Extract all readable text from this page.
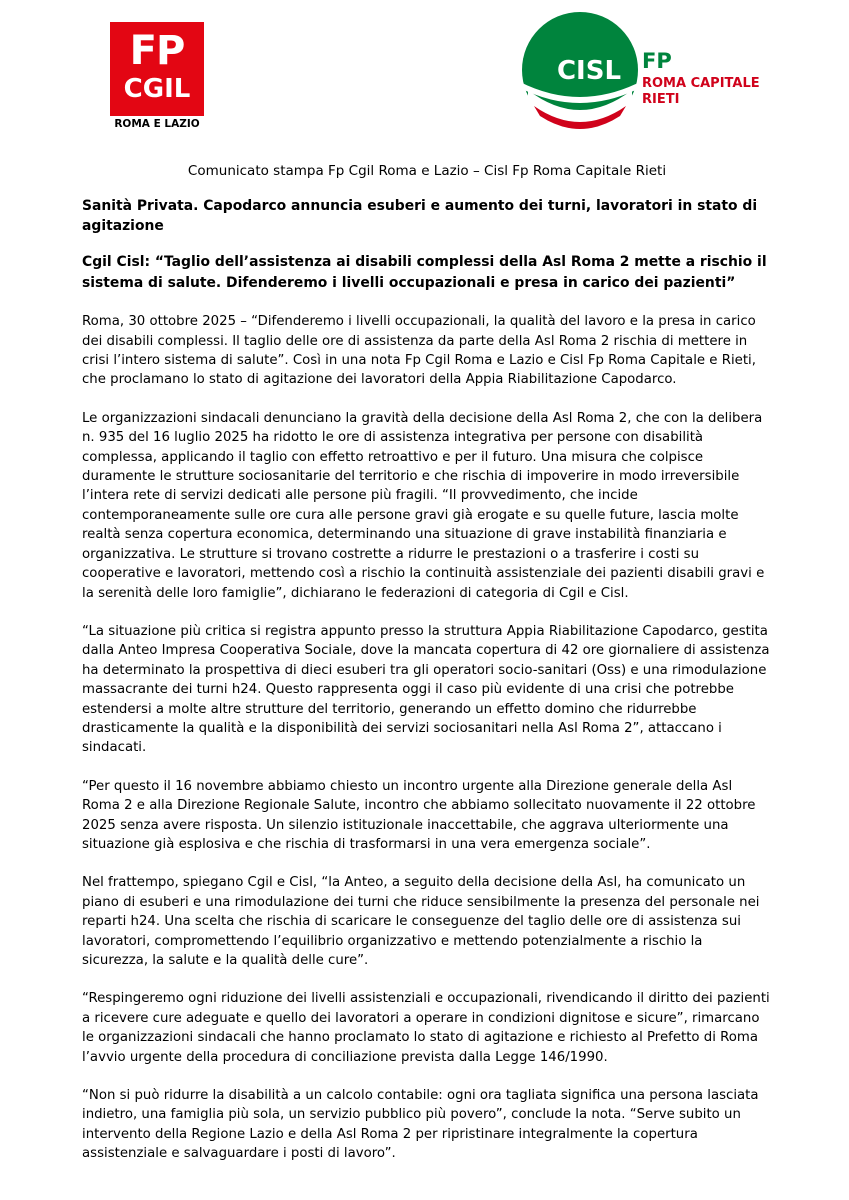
FP
CGIL
ROMA E LAZIO
CISL FP
ROMA CAPITALE
RIETI

Comunicato stampa Fp Cgil Roma e Lazio – Cisl Fp Roma Capitale Rieti

Sanità Privata. Capodarco annuncia esuberi e aumento dei turni, lavoratori in stato di agitazione

Cgil Cisl: “Taglio dell’assistenza ai disabili complessi della Asl Roma 2 mette a rischio il sistema di salute. Difenderemo i livelli occupazionali e presa in carico dei pazienti”

Roma, 30 ottobre 2025 – “Difenderemo i livelli occupazionali, la qualità del lavoro e la presa in carico dei disabili complessi. Il taglio delle ore di assistenza da parte della Asl Roma 2 rischia di mettere in crisi l’intero sistema di salute”. Così in una nota Fp Cgil Roma e Lazio e Cisl Fp Roma Capitale e Rieti, che proclamano lo stato di agitazione dei lavoratori della Appia Riabilitazione Capodarco.

Le organizzazioni sindacali denunciano la gravità della decisione della Asl Roma 2, che con la delibera n. 935 del 16 luglio 2025 ha ridotto le ore di assistenza integrativa per persone con disabilità complessa, applicando il taglio con effetto retroattivo e per il futuro. Una misura che colpisce duramente le strutture sociosanitarie del territorio e che rischia di impoverire in modo irreversibile l’intera rete di servizi dedicati alle persone più fragili. “Il provvedimento, che incide contemporaneamente sulle ore cura alle persone gravi già erogate e su quelle future, lascia molte realtà senza copertura economica, determinando una situazione di grave instabilità finanziaria e organizzativa. Le strutture si trovano costrette a ridurre le prestazioni o a trasferire i costi su cooperative e lavoratori, mettendo così a rischio la continuità assistenziale dei pazienti disabili gravi e la serenità delle loro famiglie”, dichiarano le federazioni di categoria di Cgil e Cisl.

“La situazione più critica si registra appunto presso la struttura Appia Riabilitazione Capodarco, gestita dalla Anteo Impresa Cooperativa Sociale, dove la mancata copertura di 42 ore giornaliere di assistenza ha determinato la prospettiva di dieci esuberi tra gli operatori socio-sanitari (Oss) e una rimodulazione massacrante dei turni h24. Questo rappresenta oggi il caso più evidente di una crisi che potrebbe estendersi a molte altre strutture del territorio, generando un effetto domino che ridurrebbe drasticamente la qualità e la disponibilità dei servizi sociosanitari nella Asl Roma 2”, attaccano i sindacati.

“Per questo il 16 novembre abbiamo chiesto un incontro urgente alla Direzione generale della Asl Roma 2 e alla Direzione Regionale Salute, incontro che abbiamo sollecitato nuovamente il 22 ottobre 2025 senza avere risposta. Un silenzio istituzionale inaccettabile, che aggrava ulteriormente una situazione già esplosiva e che rischia di trasformarsi in una vera emergenza sociale”.

Nel frattempo, spiegano Cgil e Cisl, “la Anteo, a seguito della decisione della Asl, ha comunicato un piano di esuberi e una rimodulazione dei turni che riduce sensibilmente la presenza del personale nei reparti h24. Una scelta che rischia di scaricare le conseguenze del taglio delle ore di assistenza sui lavoratori, compromettendo l’equilibrio organizzativo e mettendo potenzialmente a rischio la sicurezza, la salute e la qualità delle cure”.

“Respingeremo ogni riduzione dei livelli assistenziali e occupazionali, rivendicando il diritto dei pazienti a ricevere cure adeguate e quello dei lavoratori a operare in condizioni dignitose e sicure”, rimarcano le organizzazioni sindacali che hanno proclamato lo stato di agitazione e richiesto al Prefetto di Roma l’avvio urgente della procedura di conciliazione prevista dalla Legge 146/1990.

“Non si può ridurre la disabilità a un calcolo contabile: ogni ora tagliata significa una persona lasciata indietro, una famiglia più sola, un servizio pubblico più povero”, conclude la nota. “Serve subito un intervento della Regione Lazio e della Asl Roma 2 per ripristinare integralmente la copertura assistenziale e salvaguardare i posti di lavoro”.
